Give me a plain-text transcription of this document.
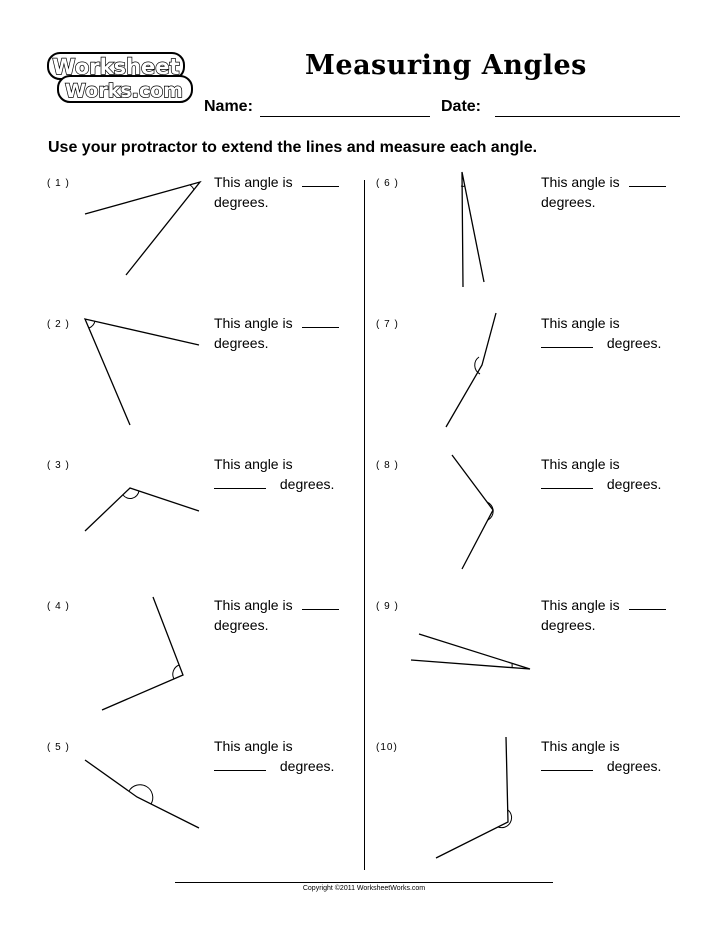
Worksheet
Works.com
Measuring Angles
Name:	Date:
Use your protractor to extend the lines and measure each angle.
( 1 )	This angle is
degrees.
( 2 )	This angle is
degrees.
( 3 )	This angle is
degrees.
( 4 )	This angle is
degrees.
( 5 )	This angle is
degrees.
( 6 )	This angle is
degrees.
( 7 )	This angle is
degrees.
( 8 )	This angle is
degrees.
( 9 )	This angle is
degrees.
(10)	This angle is
degrees.
Copyright ©2011 WorksheetWorks.com
